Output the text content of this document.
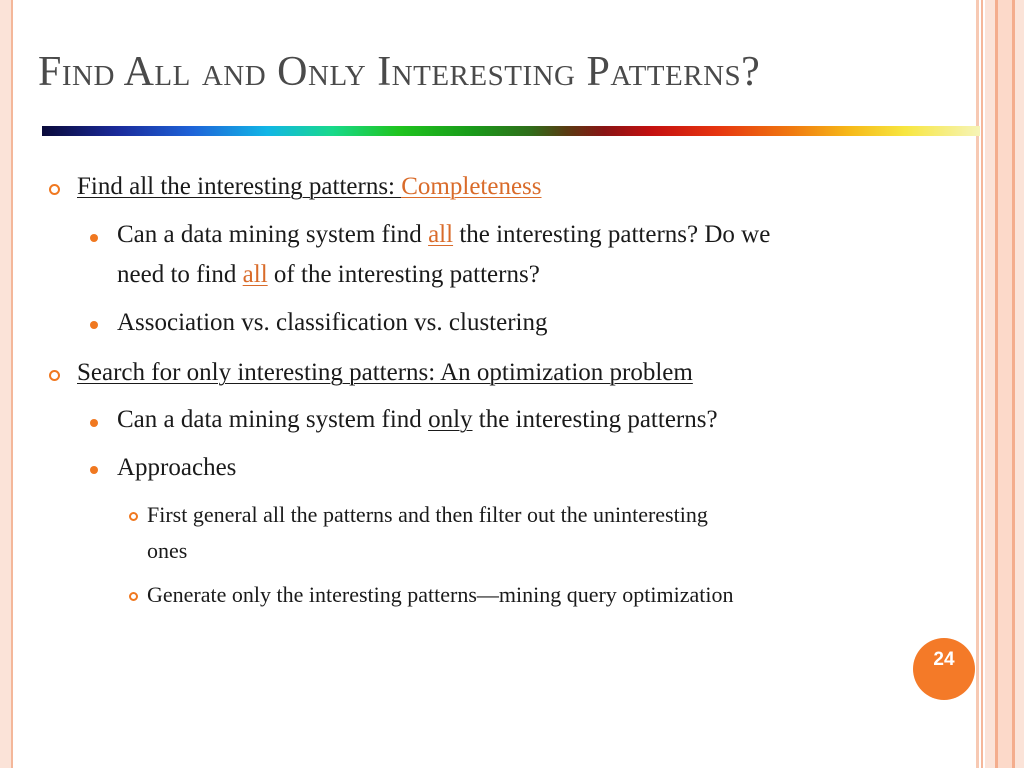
Find All and Only Interesting Patterns?
Find all the interesting patterns: Completeness
Can a data mining system find all the interesting patterns? Do we
need to find all of the interesting patterns?
Association vs. classification vs. clustering
Search for only interesting patterns: An optimization problem
Can a data mining system find only the interesting patterns?
Approaches
First general all the patterns and then filter out the uninteresting
ones
Generate only the interesting patterns—mining query optimization
24
